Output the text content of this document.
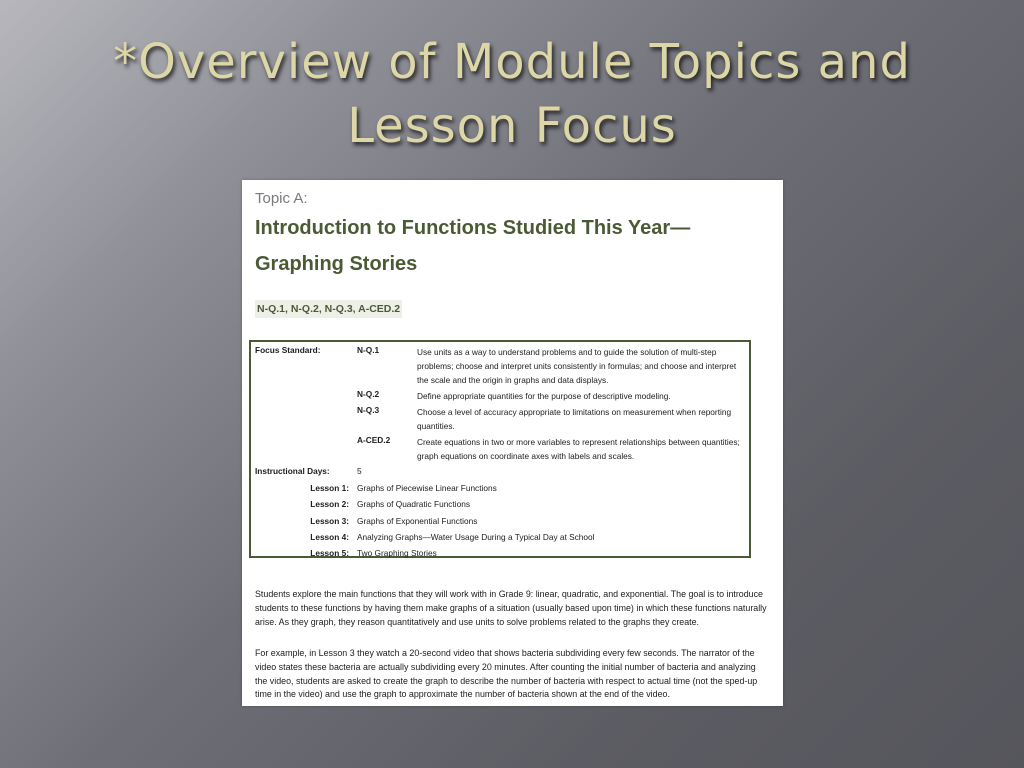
*Overview of Module Topics and Lesson Focus

Topic A:

Introduction to Functions Studied This Year—Graphing Stories

N-Q.1, N-Q.2, N-Q.3, A-CED.2
Focus Standard:	N-Q.1	Use units as a way to understand problems and to guide the solution of multi-step problems; choose and interpret units consistently in formulas; and choose and interpret the scale and the origin in graphs and data displays.
N-Q.2	Define appropriate quantities for the purpose of descriptive modeling.
N-Q.3	Choose a level of accuracy appropriate to limitations on measurement when reporting quantities.
A-CED.2	Create equations in two or more variables to represent relationships between quantities; graph equations on coordinate axes with labels and scales.
Instructional Days:	5
Lesson 1: Graphs of Piecewise Linear Functions
Lesson 2: Graphs of Quadratic Functions
Lesson 3: Graphs of Exponential Functions
Lesson 4: Analyzing Graphs—Water Usage During a Typical Day at School
Lesson 5: Two Graphing Stories

Students explore the main functions that they will work with in Grade 9: linear, quadratic, and exponential. The goal is to introduce students to these functions by having them make graphs of a situation (usually based upon time) in which these functions naturally arise. As they graph, they reason quantitatively and use units to solve problems related to the graphs they create.

For example, in Lesson 3 they watch a 20-second video that shows bacteria subdividing every few seconds. The narrator of the video states these bacteria are actually subdividing every 20 minutes. After counting the initial number of bacteria and analyzing the video, students are asked to create the graph to describe the number of bacteria with respect to actual time (not the sped-up time in the video) and use the graph to approximate the number of bacteria shown at the end of the video.
